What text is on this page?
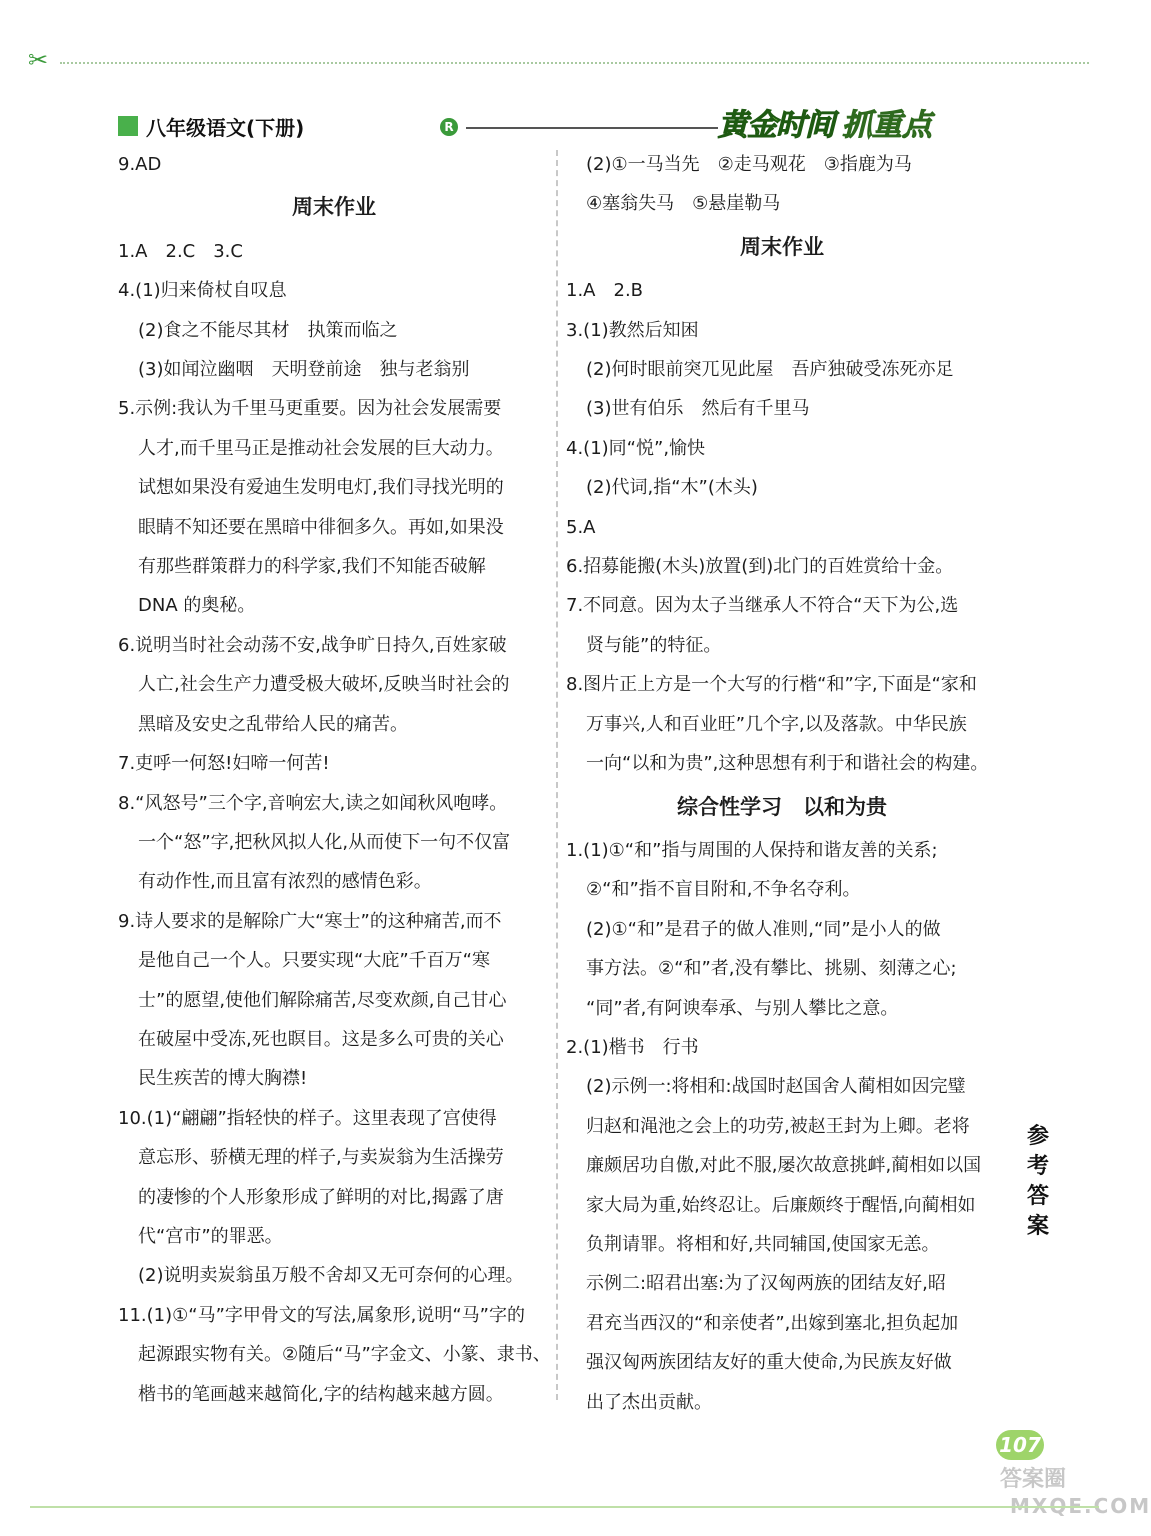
✂
八年级语文(下册)	R	黄金时间 抓重点
9.AD
周末作业
1.A　2.C　3.C
4.(1)归来倚杖自叹息
(2)食之不能尽其材　执策而临之
(3)如闻泣幽咽　天明登前途　独与老翁别
5.示例:我认为千里马更重要。因为社会发展需要
人才,而千里马正是推动社会发展的巨大动力。
试想如果没有爱迪生发明电灯,我们寻找光明的
眼睛不知还要在黑暗中徘徊多久。再如,如果没
有那些群策群力的科学家,我们不知能否破解
DNA 的奥秘。
6.说明当时社会动荡不安,战争旷日持久,百姓家破
人亡,社会生产力遭受极大破坏,反映当时社会的
黑暗及安史之乱带给人民的痛苦。
7.吏呼一何怒!妇啼一何苦!
8.“风怒号”三个字,音响宏大,读之如闻秋风咆哮。
一个“怒”字,把秋风拟人化,从而使下一句不仅富
有动作性,而且富有浓烈的感情色彩。
9.诗人要求的是解除广大“寒士”的这种痛苦,而不
是他自己一个人。只要实现“大庇”千百万“寒
士”的愿望,使他们解除痛苦,尽变欢颜,自己甘心
在破屋中受冻,死也瞑目。这是多么可贵的关心
民生疾苦的博大胸襟!
10.(1)“翩翩”指轻快的样子。这里表现了宫使得
意忘形、骄横无理的样子,与卖炭翁为生活操劳
的凄惨的个人形象形成了鲜明的对比,揭露了唐
代“宫市”的罪恶。
(2)说明卖炭翁虽万般不舍却又无可奈何的心理。
11.(1)①“马”字甲骨文的写法,属象形,说明“马”字的
起源跟实物有关。②随后“马”字金文、小篆、隶书、
楷书的笔画越来越简化,字的结构越来越方圆。
(2)①一马当先　②走马观花　③指鹿为马
④塞翁失马　⑤悬崖勒马
周末作业
1.A　2.B
3.(1)教然后知困
(2)何时眼前突兀见此屋　吾庐独破受冻死亦足
(3)世有伯乐　然后有千里马
4.(1)同“悦”,愉快
(2)代词,指“木”(木头)
5.A
6.招募能搬(木头)放置(到)北门的百姓赏给十金。
7.不同意。因为太子当继承人不符合“天下为公,选
贤与能”的特征。
8.图片正上方是一个大写的行楷“和”字,下面是“家和
万事兴,人和百业旺”几个字,以及落款。中华民族
一向“以和为贵”,这种思想有利于和谐社会的构建。
综合性学习　以和为贵
1.(1)①“和”指与周围的人保持和谐友善的关系;
②“和”指不盲目附和,不争名夺利。
(2)①“和”是君子的做人准则,“同”是小人的做
事方法。②“和”者,没有攀比、挑剔、刻薄之心;
“同”者,有阿谀奉承、与别人攀比之意。
2.(1)楷书　行书
(2)示例一:将相和:战国时赵国舍人蔺相如因完璧
归赵和渑池之会上的功劳,被赵王封为上卿。老将
廉颇居功自傲,对此不服,屡次故意挑衅,蔺相如以国
家大局为重,始终忍让。后廉颇终于醒悟,向蔺相如
负荆请罪。将相和好,共同辅国,使国家无恙。
示例二:昭君出塞:为了汉匈两族的团结友好,昭
君充当西汉的“和亲使者”,出嫁到塞北,担负起加
强汉匈两族团结友好的重大使命,为民族友好做
出了杰出贡献。
参考答案
107
答案圈
MXQE.COM
